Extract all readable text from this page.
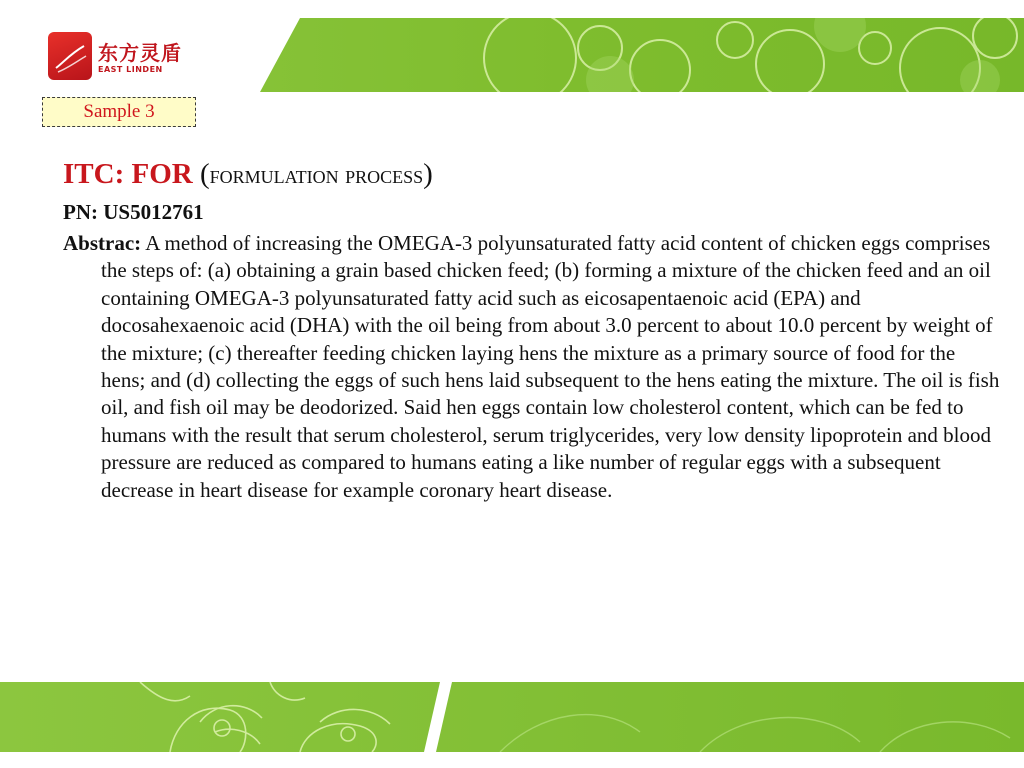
东方灵盾
EAST LINDEN
Sample 3
ITC: FOR (formulation process)
PN: US5012761
Abstrac: A method of increasing the OMEGA-3 polyunsaturated fatty acid content of chicken eggs comprises the steps of: (a) obtaining a grain based chicken feed; (b) forming a mixture of the chicken feed and an oil containing OMEGA-3 polyunsaturated fatty acid such as eicosapentaenoic acid (EPA) and docosahexaenoic acid (DHA) with the oil being from about 3.0 percent to about 10.0 percent by weight of the mixture; (c) thereafter feeding chicken laying hens the mixture as a primary source of food for the hens; and (d) collecting the eggs of such hens laid subsequent to the hens eating the mixture. The oil is fish oil, and fish oil may be deodorized. Said hen eggs contain low cholesterol content, which can be fed to humans with the result that serum cholesterol, serum triglycerides, very low density lipoprotein and blood pressure are reduced as compared to humans eating a like number of regular eggs with a subsequent decrease in heart disease for example coronary heart disease.
